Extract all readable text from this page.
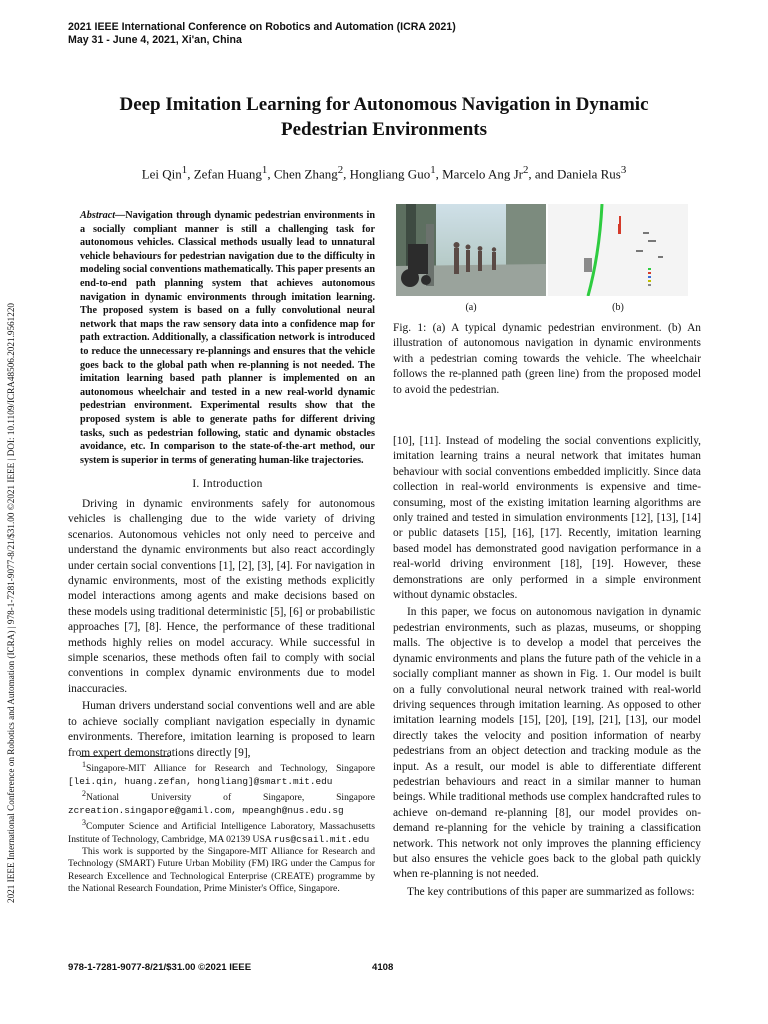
2021 IEEE International Conference on Robotics and Automation (ICRA 2021)
May 31 - June 4, 2021, Xi'an, China
2021 IEEE International Conference on Robotics and Automation (ICRA) | 978-1-7281-9077-8/21/$31.00 ©2021 IEEE | DOI: 10.1109/ICRA48506.2021.9561220
Deep Imitation Learning for Autonomous Navigation in Dynamic
Pedestrian Environments
Lei Qin$^1$, Zefan Huang$^1$, Chen Zhang$^2$, Hongliang Guo$^1$, Marcelo Ang Jr$^2$, and Daniela Rus$^3$
Abstract—Navigation through dynamic pedestrian environments in a socially compliant manner is still a challenging task for autonomous vehicles. Classical methods usually lead to unnatural vehicle behaviours for pedestrian navigation due to the difficulty in modeling social conventions mathematically. This paper presents an end-to-end path planning system that achieves autonomous navigation in dynamic environments through imitation learning. The proposed system is based on a fully convolutional neural network that maps the raw sensory data into a confidence map for path extraction. Additionally, a classification network is introduced to reduce the unnecessary re-plannings and ensures that the vehicle goes back to the global path when re-planning is not needed. The imitation learning based path planner is implemented on an autonomous wheelchair and tested in a new real-world dynamic pedestrian environment. Experimental results show that the proposed system is able to generate paths for different driving tasks, such as pedestrian following, static and dynamic obstacles avoidance, etc. In comparison to the state-of-the-art method, our system is superior in terms of generating human-like trajectories.
I. Introduction

Driving in dynamic environments safely for autonomous vehicles is challenging due to the wide variety of driving scenarios. Autonomous vehicles not only need to perceive and understand the dynamic environments but also react accordingly under certain social conventions [1], [2], [3], [4]. For navigation in dynamic environments, most of the existing methods explicitly model interactions among agents and make decisions based on these models using traditional deterministic [5], [6] or probabilistic approaches [7], [8]. Hence, the performance of these traditional methods highly relies on model accuracy. While successful in simple scenarios, these methods often fail to comply with social conventions in complex dynamic environments due to model inaccuracies.

Human drivers understand social conventions well and are able to achieve socially compliant navigation especially in dynamic environments. Therefore, imitation learning is proposed to learn from expert demonstrations directly [9],

$^1$Singapore-MIT Alliance for Research and Technology, Singapore [lei.qin, huang.zefan, hongliang]@smart.mit.edu

$^2$National University of Singapore, Singapore zcreation.singapore@gamil.com, mpeangh@nus.edu.sg

$^3$Computer Science and Artificial Intelligence Laboratory, Massachusetts Institute of Technology, Cambridge, MA 02139 USA rus@csail.mit.edu

This work is supported by the Singapore-MIT Alliance for Research and Technology (SMART) Future Urban Mobility (FM) IRG under the Campus for Research Excellence and Technological Enterprise (CREATE) programme by the National Research Foundation, Prime Minister's Office, Singapore.

(a)	(b)
Fig. 1: (a) A typical dynamic pedestrian environment. (b) An illustration of autonomous navigation in dynamic environments with a pedestrian coming towards the vehicle. The wheelchair follows the re-planned path (green line) from the proposed model to avoid the pedestrian.

[10], [11]. Instead of modeling the social conventions explicitly, imitation learning trains a neural network that imitates human behaviour with social conventions embedded implicitly. Since data collection in real-world environments is expensive and time-consuming, most of the existing imitation learning algorithms are only trained and tested in simulation environments [12], [13], [14] or public datasets [15], [16], [17]. Recently, imitation learning based model has demonstrated good navigation performance in a real-world driving environment [18], [19]. However, these demonstrations are only performed in a simple environment without dynamic obstacles.

In this paper, we focus on autonomous navigation in dynamic pedestrian environments, such as plazas, museums, or shopping malls. The objective is to develop a model that perceives the dynamic environments and plans the future path of the vehicle in a socially compliant manner as shown in Fig. 1. Our model is built on a fully convolutional neural network trained with real-world driving sequences through imitation learning. As opposed to other imitation learning models [15], [20], [19], [21], [13], our model directly takes the velocity and position information of nearby pedestrians from an object detection and tracking module as the input. As a result, our model is able to differentiate different pedestrian behaviours and react in a similar manner to human beings. While traditional methods use complex handcrafted rules to achieve on-demand re-planning [8], our model provides on-demand re-planning for the vehicle by training a classification network. This network not only improves the planning efficiency but also ensures the vehicle goes back to the global path quickly when re-planning is not needed.

The key contributions of this paper are summarized as follows:

978-1-7281-9077-8/21/$31.00 ©2021 IEEE	4108
